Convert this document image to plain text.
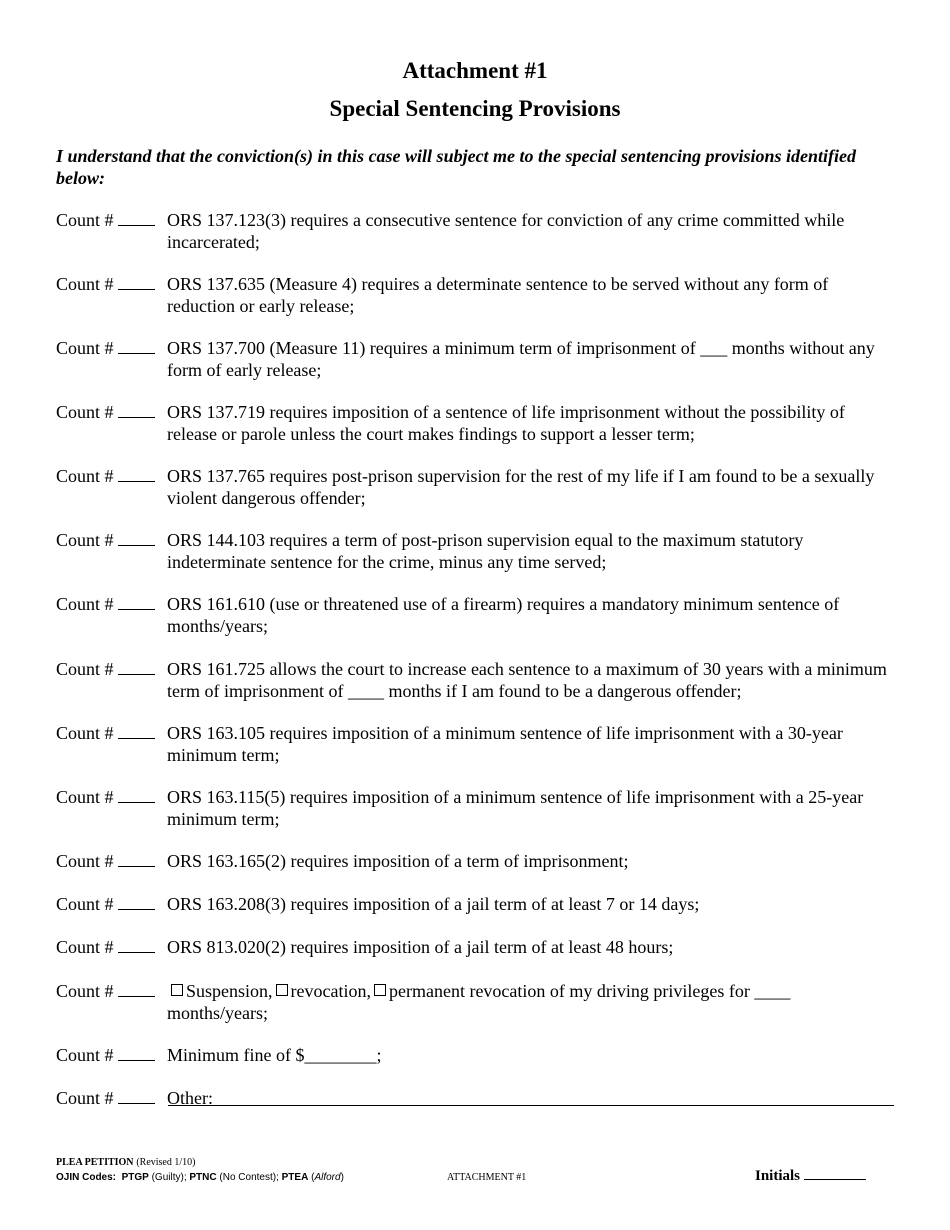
Attachment #1
Special Sentencing Provisions
I understand that the conviction(s) in this case will subject me to the special sentencing provisions identified below:
Count #	ORS 137.123(3) requires a consecutive sentence for conviction of any crime committed while incarcerated;
Count #	ORS 137.635 (Measure 4) requires a determinate sentence to be served without any form of reduction or early release;
Count #	ORS 137.700 (Measure 11) requires a minimum term of imprisonment of ___ months without any form of early release;
Count #	ORS 137.719 requires imposition of a sentence of life imprisonment without the possibility of release or parole unless the court makes findings to support a lesser term;
Count #	ORS 137.765 requires post-prison supervision for the rest of my life if I am found to be a sexually violent dangerous offender;
Count #	ORS 144.103 requires a term of post-prison supervision equal to the maximum statutory indeterminate sentence for the crime, minus any time served;
Count #	ORS 161.610 (use or threatened use of a firearm) requires a mandatory minimum sentence of months/years;
Count #	ORS 161.725 allows the court to increase each sentence to a maximum of 30 years with a minimum term of imprisonment of ____ months if I am found to be a dangerous offender;
Count #	ORS 163.105 requires imposition of a minimum sentence of life imprisonment with a 30-year minimum term;
Count #	ORS 163.115(5) requires imposition of a minimum sentence of life imprisonment with a 25-year minimum term;
Count #	ORS 163.165(2) requires imposition of a term of imprisonment;
Count #	ORS 163.208(3) requires imposition of a jail term of at least 7 or 14 days;
Count #	ORS 813.020(2) requires imposition of a jail term of at least 48 hours;
Count #	Suspension, revocation, permanent revocation of my driving privileges for ____ months/years;
Count #	Minimum fine of $________;
Count #	Other:
PLEA PETITION (Revised 1/10)
OJIN Codes: PTGP (Guilty); PTNC (No Contest); PTEA (Alford)	ATTACHMENT #1	Initials
